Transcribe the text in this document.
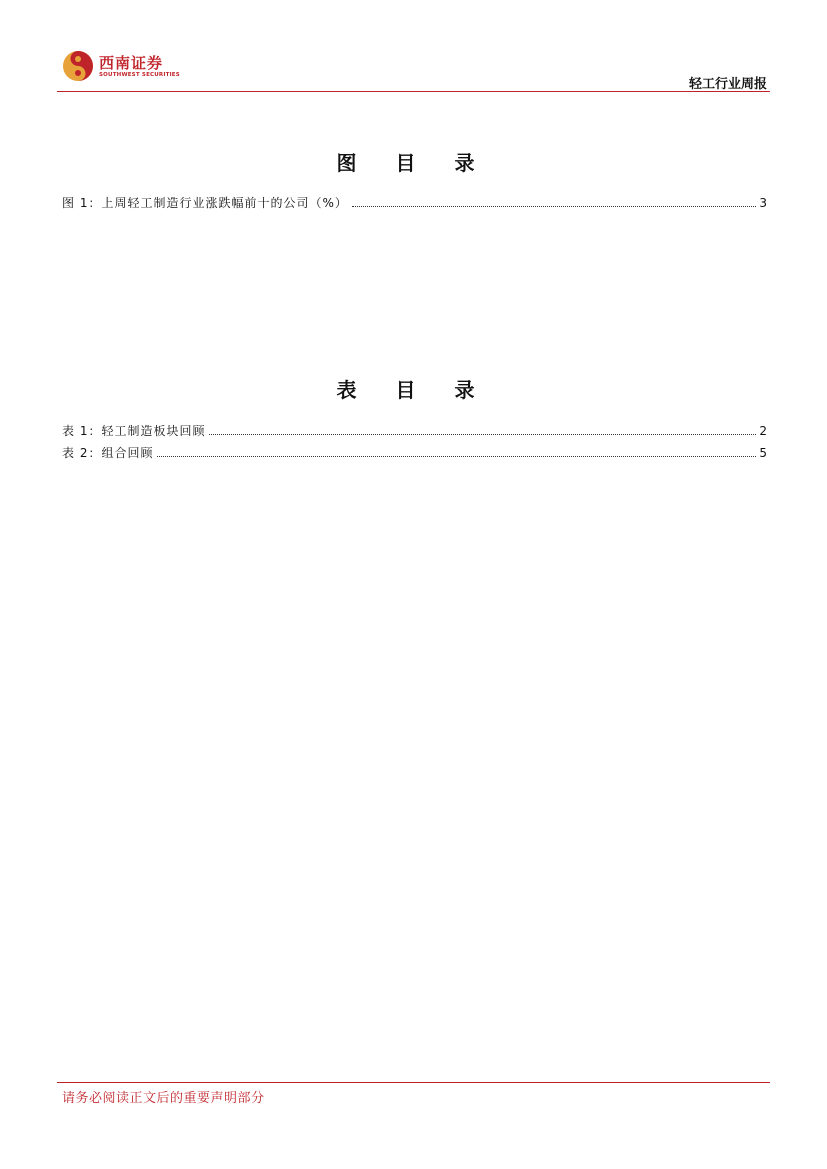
西南证券
SOUTHWEST SECURITIES
轻工行业周报
图 目 录
图 1：上周轻工制造行业涨跌幅前十的公司（%）	3
表 目 录
表 1：轻工制造板块回顾	2
表 2：组合回顾	5
请务必阅读正文后的重要声明部分
